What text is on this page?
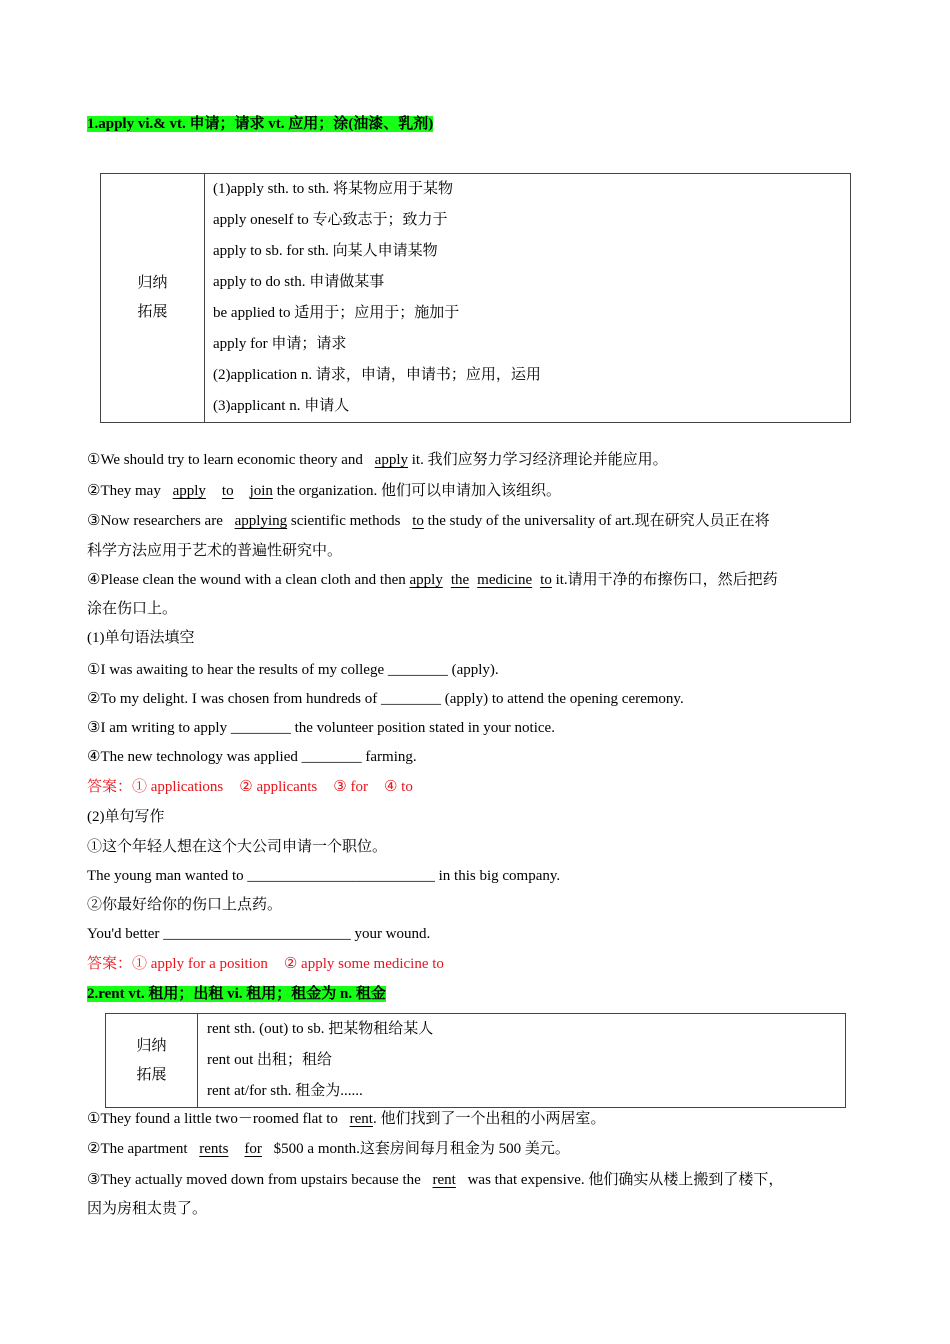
1.apply vi.& vt. 申请；请求 vt. 应用；涂(油漆、乳剂)
归纳
拓展

(1)apply sth. to sth. 将某物应用于某物
apply oneself to 专心致志于；致力于
apply to sb. for sth. 向某人申请某物
apply to do sth. 申请做某事
be applied to 适用于；应用于；施加于
apply for 申请；请求
(2)application n. 请求，申请，申请书；应用，运用
(3)applicant n. 申请人
①We should try to learn economic theory and apply it. 我们应努力学习经济理论并能应用。
②They may apply to join the organization. 他们可以申请加入该组织。
③Now researchers are applying scientific methods to the study of the universality of art.现在研究人员正在将
科学方法应用于艺术的普遍性研究中。
④Please clean the wound with a clean cloth and then apply the medicine to it.请用干净的布擦伤口，然后把药
涂在伤口上。
(1)单句语法填空
①I was awaiting to hear the results of my college ________ (apply).
②To my delight. I was chosen from hundreds of ________ (apply) to attend the opening ceremony.
③I am writing to apply ________ the volunteer position stated in your notice.
④The new technology was applied ________ farming.
答案：① applications ② applicants ③ for ④ to
(2)单句写作
①这个年轻人想在这个大公司申请一个职位。
The young man wanted to _________________________ in this big company.
②你最好给你的伤口上点药。
You'd better _________________________ your wound.
答案：① apply for a position ② apply some medicine to
2.rent vt. 租用；出租 vi. 租用；租金为 n. 租金
归纳
拓展

rent sth. (out) to sb. 把某物租给某人
rent out 出租；租给
rent at/for sth. 租金为......
①They found a little two－roomed flat to rent. 他们找到了一个出租的小两居室。
②The apartment rents for $500 a month.这套房间每月租金为 500 美元。
③They actually moved down from upstairs because the rent was that expensive. 他们确实从楼上搬到了楼下，
因为房租太贵了。
